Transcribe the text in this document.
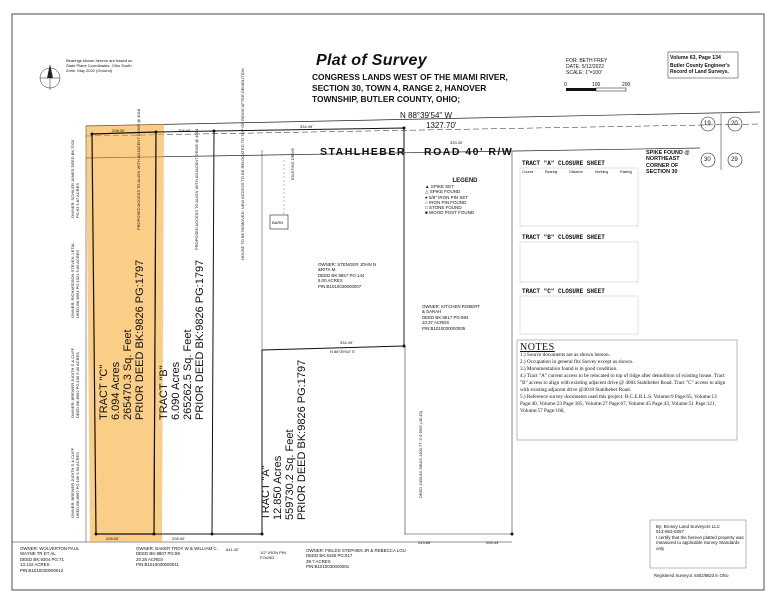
Plat of Survey
CONGRESS LANDS WEST OF THE MIAMI RIVER,
SECTION 30, TOWN 4, RANGE 2, HANOVER
TOWNSHIP, BUTLER COUNTY, OHIO;
FOR: BETH FREY
DATE: 5/12/2022
SCALE: 1"=100'
0	100	200
Volume 63, Page 134
Butler County Engineer's
Record of Land Surveys.
Bearings shown hereon are based on
State Plane Coordinates, Ohio South
Zone, May 2022 (Ground)
N 88°39'54" W
1327.70'
STAHLHEBER ROAD 40' R/W
19	20
30	29
SPIKE FOUND @
NORTHEAST
CORNER OF
SECTION 30
208.00'	208.00'
334.49'
333.30'
334.49'
N 88°39'54" E
208.00'	208.00'
641.42'
243.86'	204.43'
DEED 1303.84' MEAS 1303.77' S 0 DEG (45.43)
PROPOSED ACCESS TO ALIGN WITH ADJACENT DRIVE @ 4018	PROPOSED ACCESS TO ALIGN WITH ADJACENT DRIVE @ 4004	HOUSE TO BE REMOVED. NEW ACCESS TO BE RELOCATED TO TOP OF RIDGE AFTER DEMOLITION	BARN
EXISTING DRIVE
1/2" IRON PIN FOUND
LEGEND
▲ SPIKE SET
△ SPIKE FOUND
● 5/8" IRON PIN SET
○ IRON PIN FOUND
□ STONE FOUND
■ WOOD POST FOUND
TRACT "C" 6.094 Acres 265470.3 Sq. Feet PRIOR DEED BK:9826 PG:1797 TRACT "B" 6.090 Acres 265262.5 Sq. Feet PRIOR DEED BK:9826 PG:1797
TRACT "A" 12.850 Acres 559730.2 Sq. Feet PRIOR DEED BK:9826 PG:1797
OWNER: STENGER JOHN N
&RITA M.
DEED BK:8857 PG:144
5.00 ACRES
PIN:B1010030000007
OWNER: KITCHEN ROBERT
& SARAH
DEED BK:8817 PG:984
10.37 ACRES
PIN:B1010030000005
OWNER: WOLVERTON PAUL
WAYNE TR ET AL
DEED BK:9304 PG:71
13.132 ACRES
PIN:B1010030000012
OWNER: BAKER TROY W & WILLIAM C.
DEED BK:8807 PG:89
20.28 ACRES
PIN:B1010030000011
OWNER: FIELDS STEPHEN JR & REBECCA LOU
DEED BK:8165 PG:617
39.7 ACRES
PIN:B1010030000001
OWNER: SCHILER JAMES DEED BK:7020 PG:63 5.87 ACRES
OWNER: RICHARDSON STEVEN J ETAL DEED BK:8994 PG:1021 5.00 ACRES
OWNER: BREWER JUDITH S & CLIFF DEED BK:8962 PG:106 5.00 ACRES
OWNER: BREWER JUDITH S & CLIFF DEED BK:8962 PG:106 5.00 ACRES
TRACT "A" CLOSURE SHEET
TRACT "B" CLOSURE SHEET
TRACT "C" CLOSURE SHEET
Course	Bearing	Distance	Northing	Easting
NOTES
1.) Source documents are as shown hereon.
2.) Occupation in general fits Survey except as shown.
3.) Monumentation found is in good condition.
4.) Tract "A" current access to be relocated to top of ridge after demolition of existing house. Tract "B" access to align with existing adjacent drive @ 4004 Stahlheber Road. Tract "C" access to align with existing adjacent drive @4018 Stahlheber Road.
5.) Reference survey documents used this project: B.C.E.R.L.S. Volume:9 Page:65, Volume:13 Page:40, Volume:23 Page:185, Volume:27 Page:67, Volume:45 Page:43, Volume:51 Page:121, Volume:57 Page:160,
By: Brosey Land Surveyors LLC
513-863-0257
I certify that the hereon platted property was measured to applicable Survey Standards only
Registered Surveyor, 8402/8823 in Ohio
